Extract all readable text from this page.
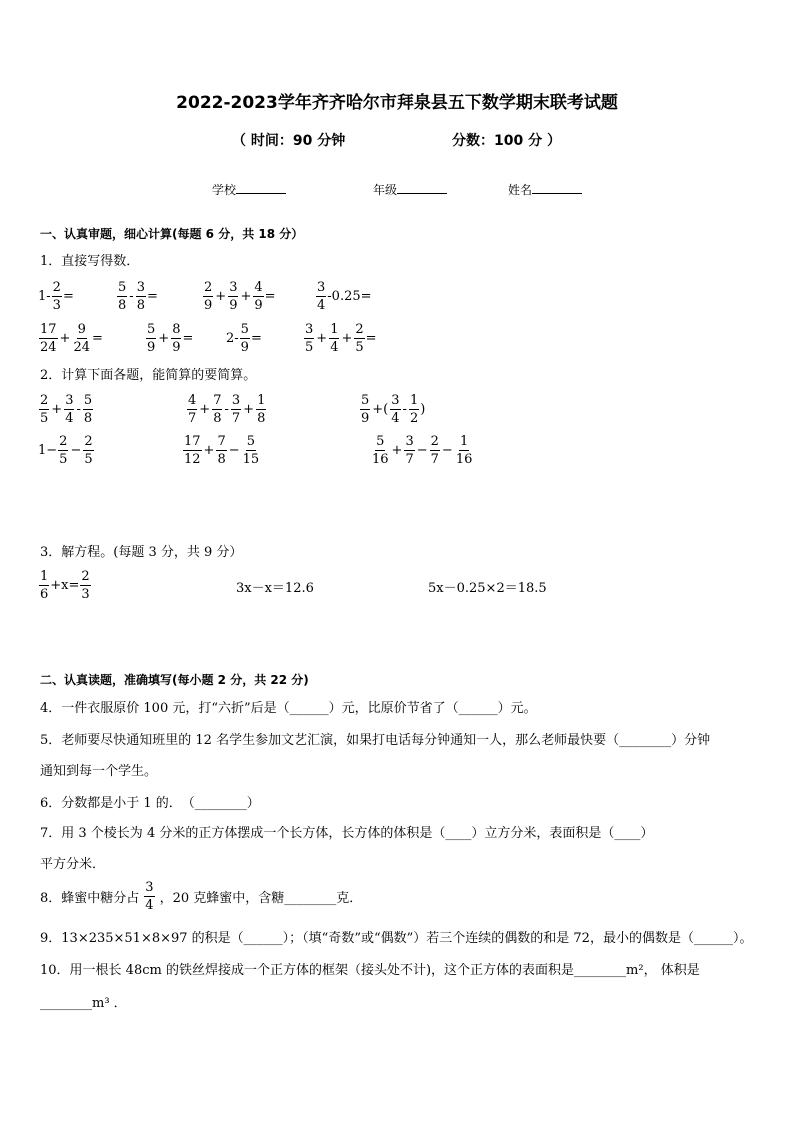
2022-2023学年齐齐哈尔市拜泉县五下数学期末联考试题
（ 时间：90 分钟	分数：100 分 ）
学校	年级	姓名
一、认真审题，细心计算(每题 6 分，共 18 分）
1．直接写得数．
$1- \frac{2}{3}$ =	$\frac{5}{8} - \frac{3}{8}$ =	$\frac{2}{9} + \frac{3}{9} + \frac{4}{9}$ =	$\frac{3}{4} -0.25=$
$\frac{17}{24} + \frac{9}{24}$ =	$\frac{5}{9} + \frac{8}{9}$ =	$2- \frac{5}{9}$ =	$\frac{3}{5} + \frac{1}{4} + \frac{2}{5}$ =
2．计算下面各题，能简算的要简算。
$\frac{2}{5} + \frac{3}{4} - \frac{5}{8}$	$\frac{4}{7} + \frac{7}{8} - \frac{3}{7} + \frac{1}{8}$	$\frac{5}{9}$ +( $\frac{3}{4} - \frac{1}{2}$ )
$1- \frac{2}{5} - \frac{2}{5}$	$\frac{17}{12} + \frac{7}{8} - \frac{5}{15}$	$\frac{5}{16} + \frac{3}{7} - \frac{2}{7} - \frac{1}{16}$
3．解方程。(每题 3 分，共 9 分）
$\frac{1}{6} +x= \frac{2}{3}$	3x－x＝12.6	5x－0.25×2＝18.5
二、认真读题，准确填写(每小题 2 分，共 22 分)
4．一件衣服原价 100 元，打“六折”后是（______）元，比原价节省了（______）元。
5．老师要尽快通知班里的 12 名学生参加文艺汇演，如果打电话每分钟通知一人，那么老师最快要（________）分钟
通知到每一个学生。
6．分数都是小于 1 的．　（________）
7．用 3 个棱长为 4 分米的正方体摆成一个长方体，长方体的体积是（____）立方分米，表面积是（____）
平方分米．
8．蜂蜜中糖分占 $\frac{3}{4}$ ，20 克蜂蜜中，含糖________克．
9．13×235×51×8×97 的积是（______）；（填“奇数”或“偶数”）若三个连续的偶数的和是 72，最小的偶数是（______）。
10．用一根长 48cm 的铁丝焊接成一个正方体的框架（接头处不计)，这个正方体的表面积是________m²， 体积是
________m³ ．
